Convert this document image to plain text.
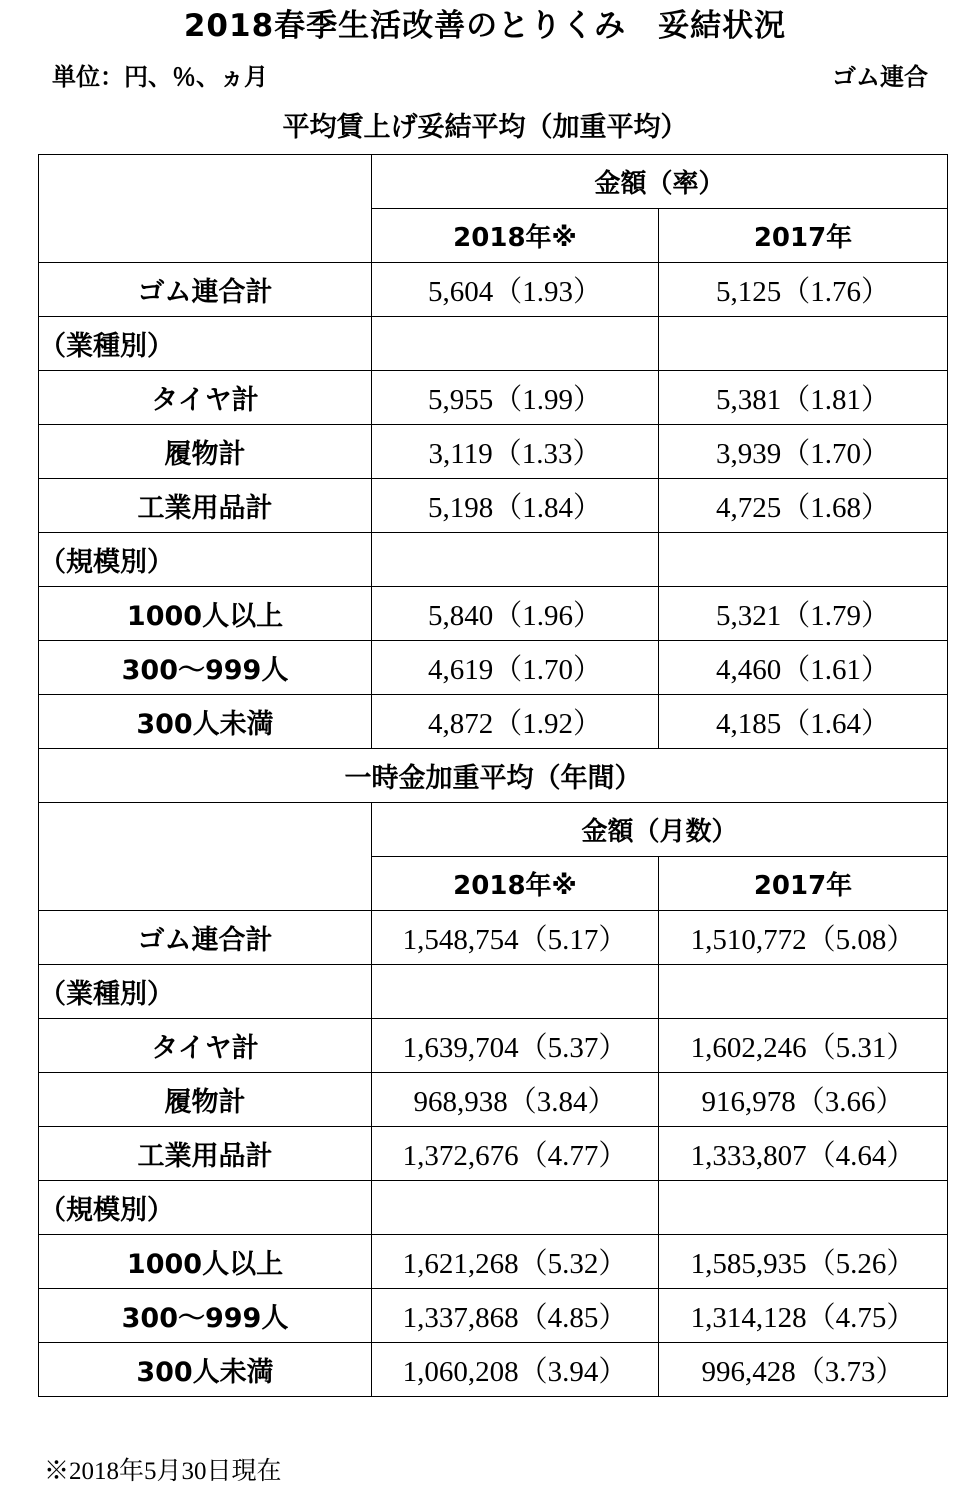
2018春季生活改善のとりくみ　妥結状況
単位：円、％、ヵ月	ゴム連合
平均賃上げ妥結平均（加重平均）
	金額（率）	
	2018年※	2017年
ゴム連合計	5,604（1.93）	5,125（1.76）
（業種別）		
タイヤ計	5,955（1.99）	5,381（1.81）
履物計	3,119（1.33）	3,939（1.70）
工業用品計	5,198（1.84）	4,725（1.68）
（規模別）		
1000人以上	5,840（1.96）	5,321（1.79）
300～999人	4,619（1.70）	4,460（1.61）
300人未満	4,872（1.92）	4,185（1.64）
一時金加重平均（年間）		
	金額（月数）	
	2018年※	2017年
ゴム連合計	1,548,754（5.17）	1,510,772（5.08）
（業種別）		
タイヤ計	1,639,704（5.37）	1,602,246（5.31）
履物計	968,938（3.84）	916,978（3.66）
工業用品計	1,372,676（4.77）	1,333,807（4.64）
（規模別）		
1000人以上	1,621,268（5.32）	1,585,935（5.26）
300～999人	1,337,868（4.85）	1,314,128（4.75）
300人未満	1,060,208（3.94）	996,428（3.73）
※2018年5月30日現在
